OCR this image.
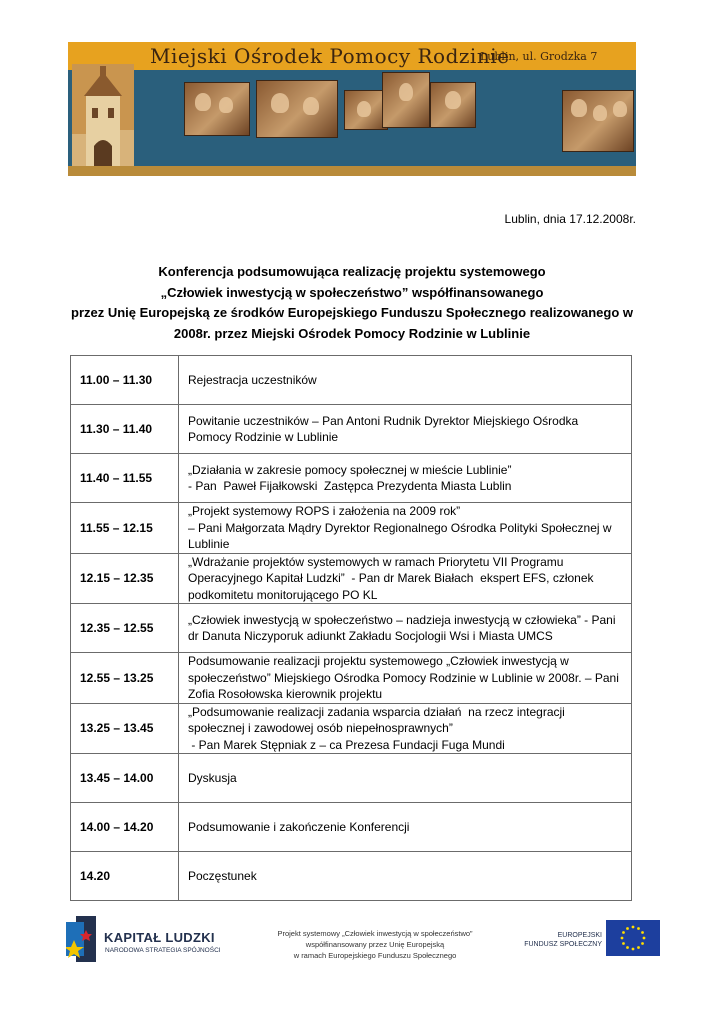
Miejski Ośrodek Pomocy Rodzinie
Lublin, ul. Grodzka 7
Lublin, dnia 17.12.2008r.
Konferencja podsumowująca realizację projektu systemowego
„Człowiek inwestycją w społeczeństwo” współfinansowanego
przez Unię Europejską ze środków Europejskiego Funduszu Społecznego realizowanego w
2008r. przez Miejski Ośrodek Pomocy Rodzinie w Lublinie
11.00 – 11.30	Rejestracja uczestników

11.30 – 11.40	Powitanie uczestników – Pan Antoni Rudnik Dyrektor Miejskiego Ośrodka
Pomocy Rodzinie w Lublinie

11.40 – 11.55	„Działania w zakresie pomocy społecznej w mieście Lublinie”
- Pan  Paweł Fijałkowski  Zastępca Prezydenta Miasta Lublin

11.55 – 12.15	„Projekt systemowy ROPS i założenia na 2009 rok”
– Pani Małgorzata Mądry Dyrektor Regionalnego Ośrodka Polityki Społecznej w
Lublinie

12.15 – 12.35	„Wdrażanie projektów systemowych w ramach Priorytetu VII Programu
Operacyjnego Kapitał Ludzki”  - Pan dr Marek Białach  ekspert EFS, członek
podkomitetu monitorującego PO KL

12.35 – 12.55	„Człowiek inwestycją w społeczeństwo – nadzieja inwestycją w człowieka” - Pani
dr Danuta Niczyporuk adiunkt Zakładu Socjologii Wsi i Miasta UMCS

12.55 – 13.25	Podsumowanie realizacji projektu systemowego „Człowiek inwestycją w
społeczeństwo” Miejskiego Ośrodka Pomocy Rodzinie w Lublinie w 2008r. – Pani
Zofia Rosołowska kierownik projektu

13.25 – 13.45	„Podsumowanie realizacji zadania wsparcia działań  na rzecz integracji
społecznej i zawodowej osób niepełnosprawnych”
- Pan Marek Stępniak z – ca Prezesa Fundacji Fuga Mundi

13.45 – 14.00	Dyskusja

14.00 – 14.20	Podsumowanie i zakończenie Konferencji

14.20	Poczęstunek
KAPITAŁ LUDZKI
NARODOWA STRATEGIA SPÓJNOŚCI
Projekt systemowy „Człowiek inwestycją w społeczeństwo”
współfinansowany przez Unię Europejską
w ramach Europejskiego Funduszu Społecznego
EUROPEJSKI
FUNDUSZ SPOŁECZNY
